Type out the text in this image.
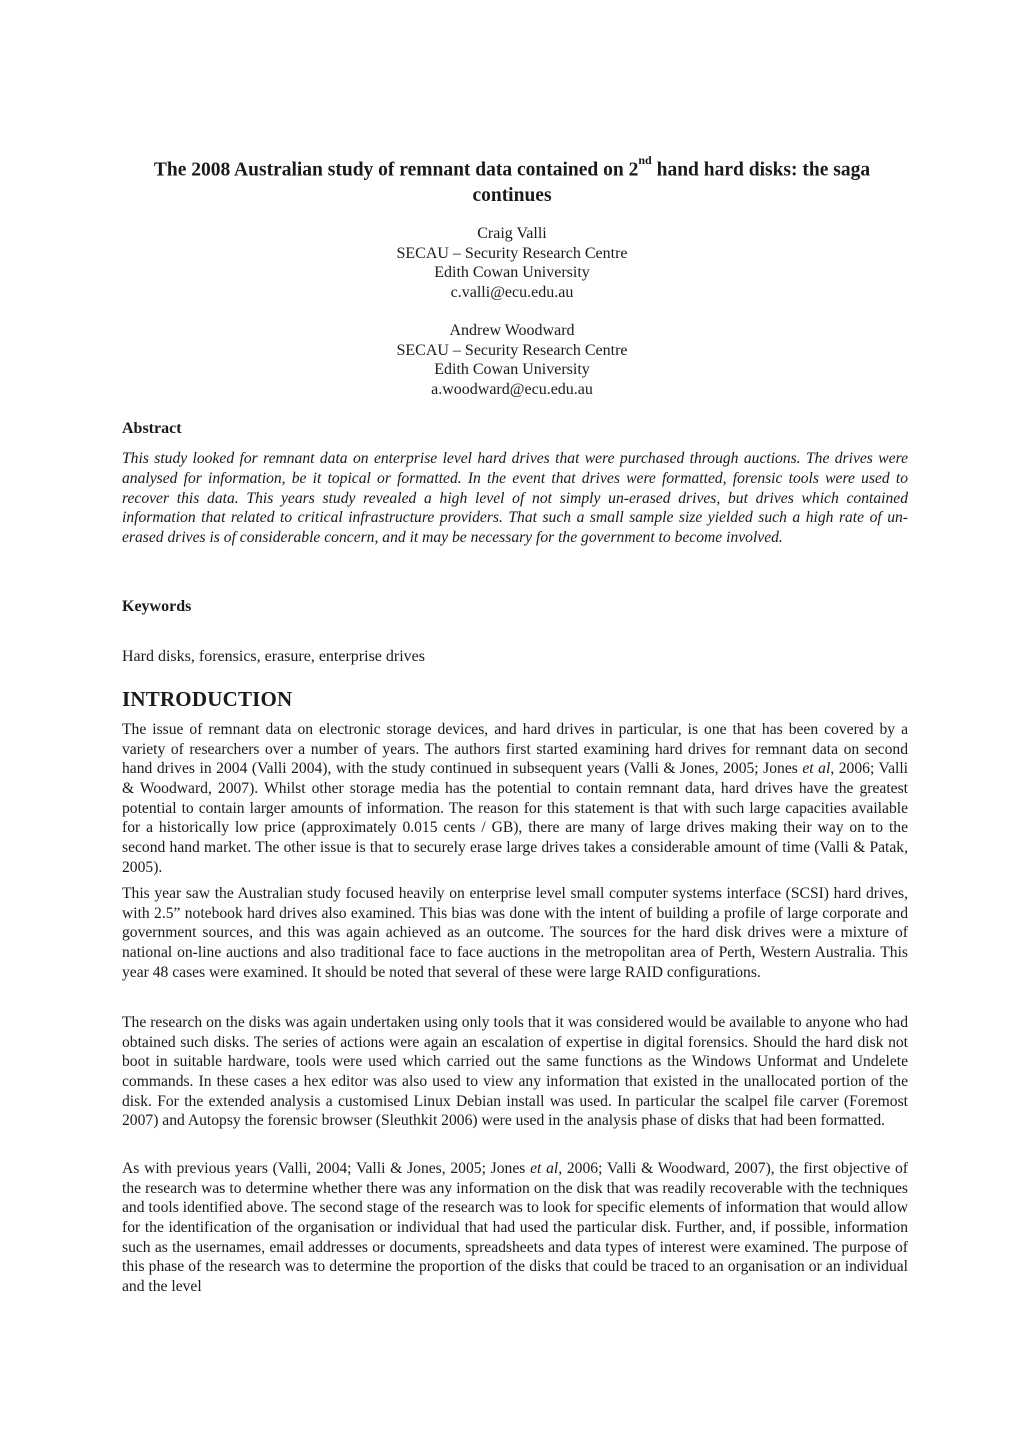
The 2008 Australian study of remnant data contained on 2nd hand hard disks: the saga continues
Craig Valli
SECAU – Security Research Centre
Edith Cowan University
c.valli@ecu.edu.au
Andrew Woodward
SECAU – Security Research Centre
Edith Cowan University
a.woodward@ecu.edu.au
Abstract
This study looked for remnant data on enterprise level hard drives that were purchased through auctions. The drives were analysed for information, be it topical or formatted. In the event that drives were formatted, forensic tools were used to recover this data. This years study revealed a high level of not simply un-erased drives, but drives which contained information that related to critical infrastructure providers. That such a small sample size yielded such a high rate of un-erased drives is of considerable concern, and it may be necessary for the government to become involved.
Keywords
Hard disks, forensics, erasure, enterprise drives
INTRODUCTION
The issue of remnant data on electronic storage devices, and hard drives in particular, is one that has been covered by a variety of researchers over a number of years. The authors first started examining hard drives for remnant data on second hand drives in 2004 (Valli 2004), with the study continued in subsequent years (Valli & Jones, 2005; Jones et al, 2006; Valli & Woodward, 2007). Whilst other storage media has the potential to contain remnant data, hard drives have the greatest potential to contain larger amounts of information. The reason for this statement is that with such large capacities available for a historically low price (approximately 0.015 cents / GB), there are many of large drives making their way on to the second hand market. The other issue is that to securely erase large drives takes a considerable amount of time (Valli & Patak, 2005).
This year saw the Australian study focused heavily on enterprise level small computer systems interface (SCSI) hard drives, with 2.5” notebook hard drives also examined. This bias was done with the intent of building a profile of large corporate and government sources, and this was again achieved as an outcome. The sources for the hard disk drives were a mixture of national on-line auctions and also traditional face to face auctions in the metropolitan area of Perth, Western Australia. This year 48 cases were examined. It should be noted that several of these were large RAID configurations.
The research on the disks was again undertaken using only tools that it was considered would be available to anyone who had obtained such disks. The series of actions were again an escalation of expertise in digital forensics. Should the hard disk not boot in suitable hardware, tools were used which carried out the same functions as the Windows Unformat and Undelete commands. In these cases a hex editor was also used to view any information that existed in the unallocated portion of the disk. For the extended analysis a customised Linux Debian install was used. In particular the scalpel file carver (Foremost 2007) and Autopsy the forensic browser (Sleuthkit 2006) were used in the analysis phase of disks that had been formatted.
As with previous years (Valli, 2004; Valli & Jones, 2005; Jones et al, 2006; Valli & Woodward, 2007), the first objective of the research was to determine whether there was any information on the disk that was readily recoverable with the techniques and tools identified above. The second stage of the research was to look for specific elements of information that would allow for the identification of the organisation or individual that had used the particular disk. Further, and, if possible, information such as the usernames, email addresses or documents, spreadsheets and data types of interest were examined. The purpose of this phase of the research was to determine the proportion of the disks that could be traced to an organisation or an individual and the level
